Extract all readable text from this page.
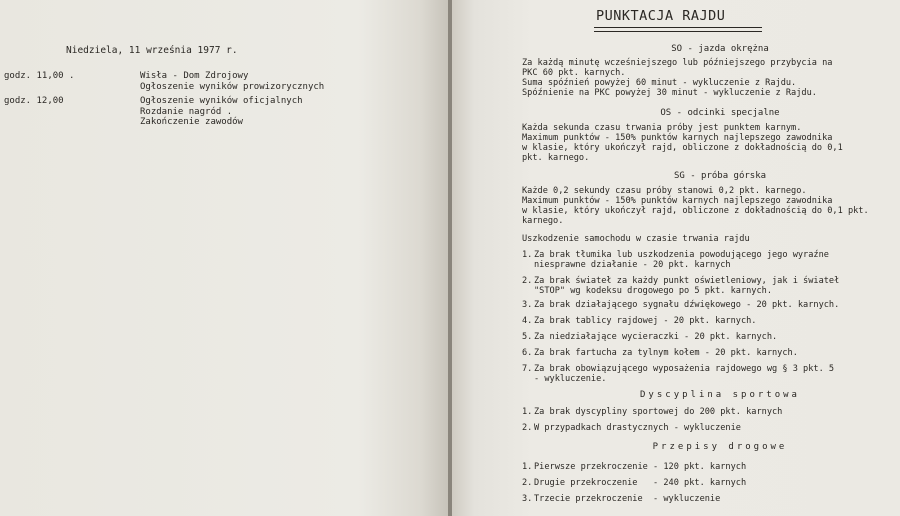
Niedziela, 11 września 1977 r.
godz. 11,00 .	Wisła - Dom Zdrojowy
Ogłoszenie wyników prowizorycznych
godz. 12,00	Ogłoszenie wyników oficjalnych
Rozdanie nagród .
Zakończenie zawodów
PUNKTACJA RAJDU
SO - jazda okrężna
Za każdą minutę wcześniejszego lub późniejszego przybycia na
PKC 60 pkt. karnych.
Suma spóźnień powyżej 60 minut - wykluczenie z Rajdu.
Spóźnienie na PKC powyżej 30 minut - wykluczenie z Rajdu.
OS - odcinki specjalne
Każda sekunda czasu trwania próby jest punktem karnym.
Maximum punktów - 150% punktów karnych najlepszego zawodnika
w klasie, który ukończył rajd, obliczone z dokładnością do 0,1
pkt. karnego.
SG - próba górska
Każde 0,2 sekundy czasu próby stanowi 0,2 pkt. karnego.
Maximum punktów - 150% punktów karnych najlepszego zawodnika
w klasie, który ukończył rajd, obliczone z dokładnością do 0,1 pkt.
karnego.
Uszkodzenie samochodu w czasie trwania rajdu
1. Za brak tłumika lub uszkodzenia powodującego jego wyraźne
niesprawne działanie - 20 pkt. karnych
2. Za brak świateł za każdy punkt oświetleniowy, jak i świateł
"STOP" wg kodeksu drogowego po 5 pkt. karnych.
3. Za brak działającego sygnału dźwiękowego - 20 pkt. karnych.
4. Za brak tablicy rajdowej - 20 pkt. karnych.
5. Za niedziałające wycieraczki - 20 pkt. karnych.
6. Za brak fartucha za tylnym kołem - 20 pkt. karnych.
7. Za brak obowiązującego wyposażenia rajdowego wg § 3 pkt. 5
- wykluczenie.
Dyscyplina sportowa
1. Za brak dyscypliny sportowej do 200 pkt. karnych
2. W przypadkach drastycznych - wykluczenie
Przepisy drogowe
1. Pierwsze przekroczenie - 120 pkt. karnych
2. Drugie przekroczenie   - 240 pkt. karnych
3. Trzecie przekroczenie  - wykluczenie
